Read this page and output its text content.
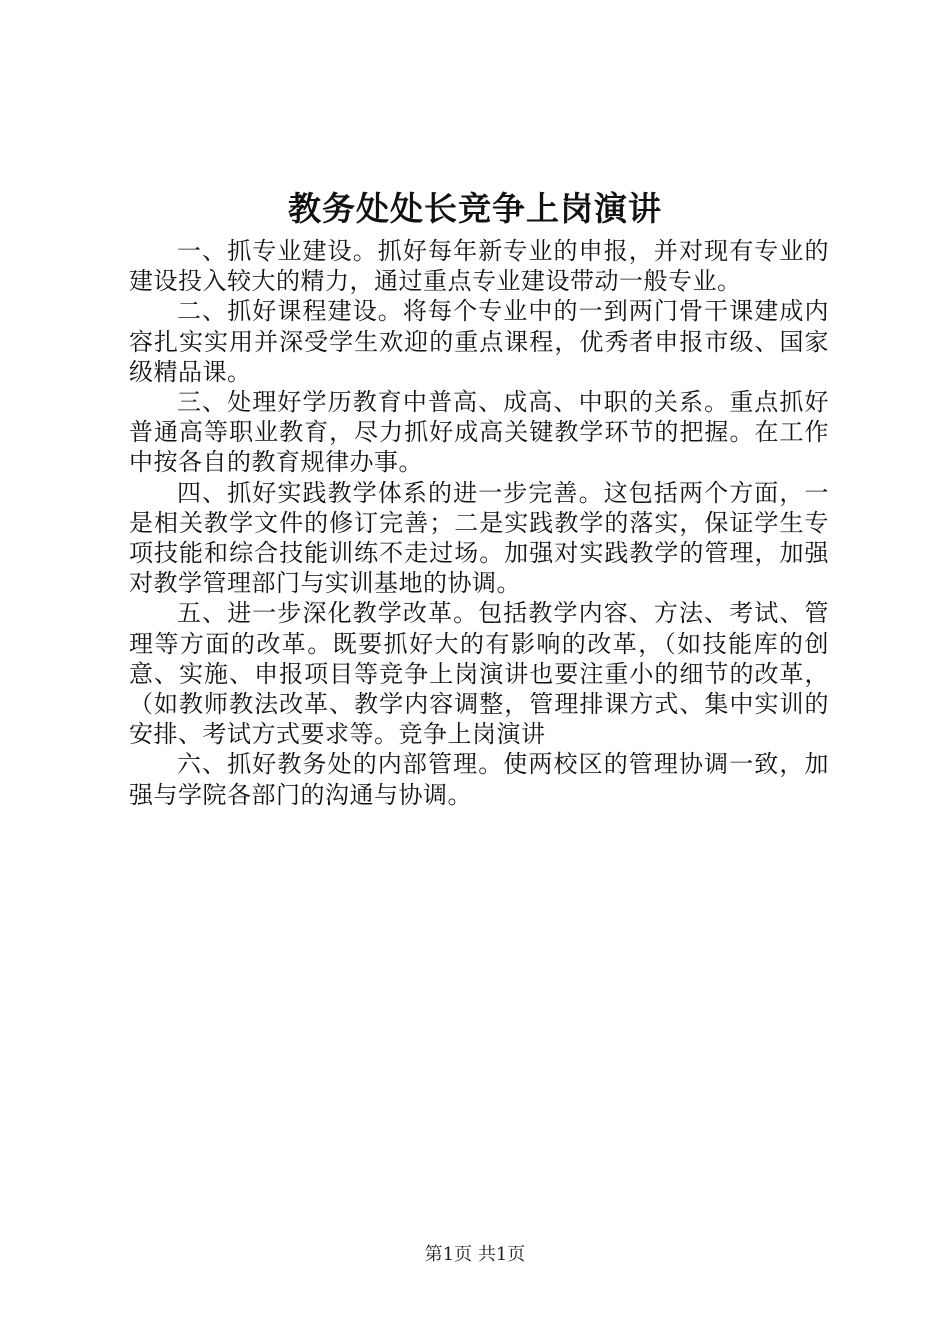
教务处处长竞争上岗演讲

一、抓专业建设。抓好每年新专业的申报，并对现有专业的建设投入较大的精力，通过重点专业建设带动一般专业。

二、抓好课程建设。将每个专业中的一到两门骨干课建成内容扎实实用并深受学生欢迎的重点课程，优秀者申报市级、国家级精品课。

三、处理好学历教育中普高、成高、中职的关系。重点抓好普通高等职业教育，尽力抓好成高关键教学环节的把握。在工作中按各自的教育规律办事。

四、抓好实践教学体系的进一步完善。这包括两个方面，一是相关教学文件的修订完善；二是实践教学的落实，保证学生专项技能和综合技能训练不走过场。加强对实践教学的管理，加强对教学管理部门与实训基地的协调。

五、进一步深化教学改革。包括教学内容、方法、考试、管理等方面的改革。既要抓好大的有影响的改革，（如技能库的创意、实施、申报项目等竞争上岗演讲也要注重小的细节的改革，（如教师教法改革、教学内容调整，管理排课方式、集中实训的安排、考试方式要求等。竞争上岗演讲

六、抓好教务处的内部管理。使两校区的管理协调一致，加强与学院各部门的沟通与协调。

第1页 共1页
